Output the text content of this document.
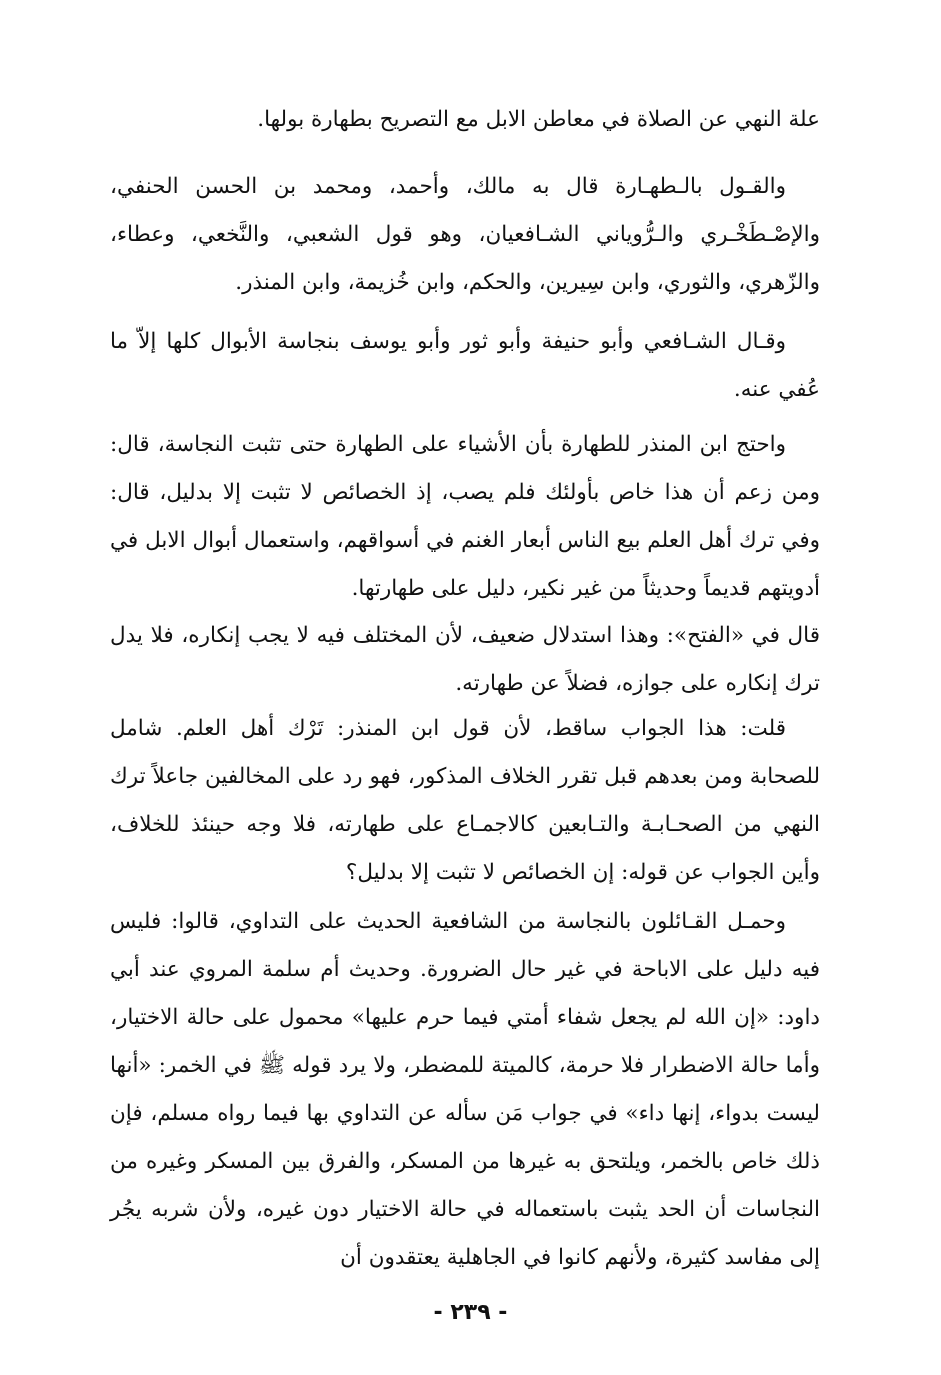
علة النهي عن الصلاة في معاطن الابل مع التصريح بطهارة بولها.

والقـول بالـطهـارة قال به مالك، وأحمد، ومحمد بن الحسن الحنفي، والإصْـطَخْـري والـرُّوياني الشـافعيان، وهو قول الشعبي، والنَّخعي، وعطاء، والزّهري، والثوري، وابن سِيرين، والحكم، وابن خُزيمة، وابن المنذر.

وقـال الشـافعي وأبو حنيفة وأبو ثور وأبو يوسف بنجاسة الأبوال كلها إلاّ ما عُفي عنه.

واحتج ابن المنذر للطهارة بأن الأشياء على الطهارة حتى تثبت النجاسة، قال: ومن زعم أن هذا خاص بأولئك فلم يصب، إذ الخصائص لا تثبت إلا بدليل، قال: وفي ترك أهل العلم بيع الناس أبعار الغنم في أسواقهم، واستعمال أبوال الابل في أدويتهم قديماً وحديثاً من غير نكير، دليل على طهارتها.

قال في «الفتح»: وهذا استدلال ضعيف، لأن المختلف فيه لا يجب إنكاره، فلا يدل ترك إنكاره على جوازه، فضلاً عن طهارته.

قلت: هذا الجواب ساقط، لأن قول ابن المنذر: تَرْك أهل العلم. شامل للصحابة ومن بعدهم قبل تقرر الخلاف المذكور، فهو رد على المخالفين جاعلاً ترك النهي من الصحـابـة والتـابعين كالاجمـاع على طهارته، فلا وجه حينئذ للخلاف، وأين الجواب عن قوله: إن الخصائص لا تثبت إلا بدليل؟

وحمـل القـائلون بالنجاسة من الشافعية الحديث على التداوي، قالوا: فليس فيه دليل على الاباحة في غير حال الضرورة. وحديث أم سلمة المروي عند أبي داود: «إن الله لم يجعل شفاء أمتي فيما حرم عليها» محمول على حالة الاختيار، وأما حالة الاضطرار فلا حرمة، كالميتة للمضطر، ولا يرد قوله ﷺ في الخمر: «أنها ليست بدواء، إنها داء» في جواب مَن سأله عن التداوي بها فيما رواه مسلم، فإن ذلك خاص بالخمر، ويلتحق به غيرها من المسكر، والفرق بين المسكر وغيره من النجاسات أن الحد يثبت باستعماله في حالة الاختيار دون غيره، ولأن شربه يجُر إلى مفاسد كثيرة، ولأنهم كانوا في الجاهلية يعتقدون أن

- ٢٣٩ -
